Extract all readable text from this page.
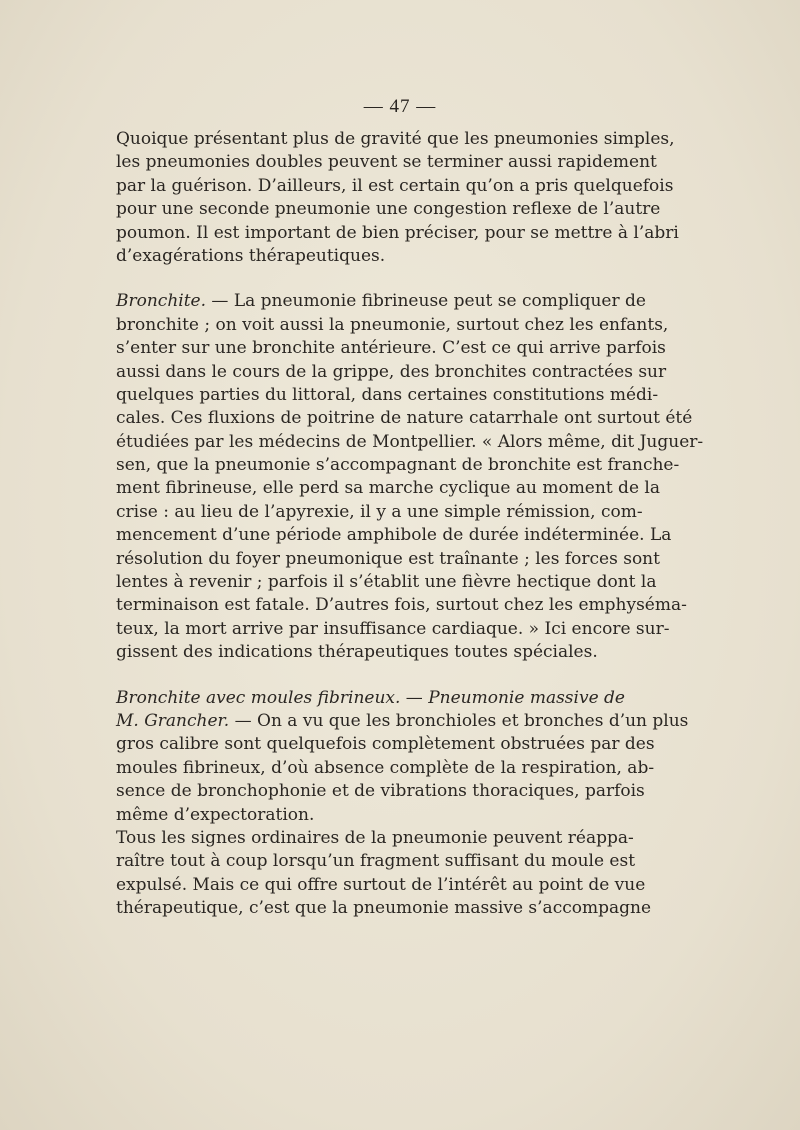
— 47 —
Quoique présentant plus de gravité que les pneumonies simples,
les pneumonies doubles peuvent se terminer aussi rapidement
par la guérison. D’ailleurs, il est certain qu’on a pris quelquefois
pour une seconde pneumonie une congestion reflexe de l’autre
poumon. Il est important de bien préciser, pour se mettre à l’abri
d’exagérations thérapeutiques.
Bronchite. — La pneumonie fibrineuse peut se compliquer de
bronchite ; on voit aussi la pneumonie, surtout chez les enfants,
s’enter sur une bronchite antérieure. C’est ce qui arrive parfois
aussi dans le cours de la grippe, des bronchites contractées sur
quelques parties du littoral, dans certaines constitutions médi-
cales. Ces fluxions de poitrine de nature catarrhale ont surtout été
étudiées par les médecins de Montpellier. « Alors même, dit Juguer-
sen, que la pneumonie s’accompagnant de bronchite est franche-
ment fibrineuse, elle perd sa marche cyclique au moment de la
crise : au lieu de l’apyrexie, il y a une simple rémission, com-
mencement d’une période amphibole de durée indéterminée. La
résolution du foyer pneumonique est traînante ; les forces sont
lentes à revenir ; parfois il s’établit une fièvre hectique dont la
terminaison est fatale. D’autres fois, surtout chez les emphyséma-
teux, la mort arrive par insuffisance cardiaque. » Ici encore sur-
gissent des indications thérapeutiques toutes spéciales.
Bronchite avec moules fibrineux. — Pneumonie massive de
M. Grancher. — On a vu que les bronchioles et bronches d’un plus
gros calibre sont quelquefois complètement obstruées par des
moules fibrineux, d’où absence complète de la respiration, ab-
sence de bronchophonie et de vibrations thoraciques, parfois
même d’expectoration.
Tous les signes ordinaires de la pneumonie peuvent réappa-
raître tout à coup lorsqu’un fragment suffisant du moule est
expulsé. Mais ce qui offre surtout de l’intérêt au point de vue
thérapeutique, c’est que la pneumonie massive s’accompagne
